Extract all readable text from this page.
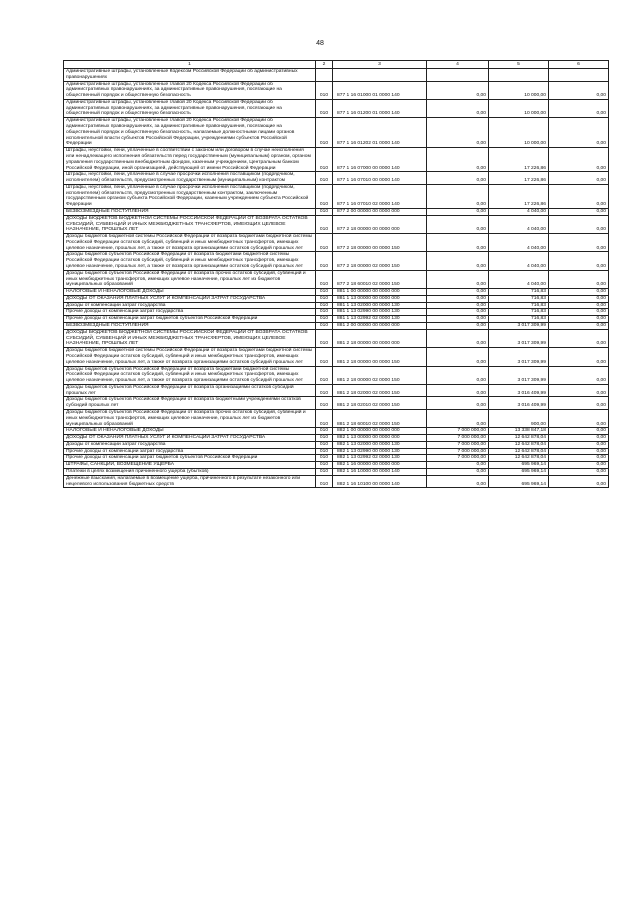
48
1	2	3	4	5	6
Административные штрафы, установленные Кодексом Российской Федерации об административных правонарушениях					
Административные штрафы, установленные главой 20 Кодекса Российской Федерации об административных правонарушениях, за административные правонарушения, посягающие на общественный порядок и общественную безопасность	010	877 1 16 01000 01 0000 140	0,00	10 000,00	0,00
Административные штрафы, установленные главой 20 Кодекса Российской Федерации об административных правонарушениях, за административные правонарушения, посягающие на общественный порядок и общественную безопасность	010	877 1 16 01200 01 0000 140	0,00	10 000,00	0,00
Административные штрафы, установленные главой 20 Кодекса Российской Федерации об административных правонарушениях, за административные правонарушения, посягающие на общественный порядок и общественную безопасность, налагаемые должностными лицами органов исполнительной власти субъектов Российской Федерации, учреждениями субъектов Российской Федерации	010	877 1 16 01202 01 0000 140	0,00	10 000,00	0,00
Штрафы, неустойки, пени, уплаченные в соответствии с законом или договором в случае неисполнения или ненадлежащего исполнения обязательств перед государственным (муниципальным) органом, органом управления государственным внебюджетным фондом, казенным учреждением, Центральным банком Российской Федерации, иной организацией, действующей от имени Российской Федерации	010	877 1 16 07000 00 0000 140	0,00	17 226,86	0,00
Штрафы, неустойки, пени, уплаченные в случае просрочки исполнения поставщиком (подрядчиком, исполнителем) обязательств, предусмотренных государственным (муниципальным) контрактом	010	877 1 16 07010 00 0000 140	0,00	17 226,86	0,00
Штрафы, неустойки, пени, уплаченные в случае просрочки исполнения поставщиком (подрядчиком, исполнителем) обязательств, предусмотренных государственным контрактом, заключенным государственным органом субъекта Российской Федерации, казенным учреждением субъекта Российской Федерации	010	877 1 16 07010 02 0000 140	0,00	17 226,86	0,00
БЕЗВОЗМЕЗДНЫЕ ПОСТУПЛЕНИЯ	010	877 2 00 00000 00 0000 000	0,00	4 040,00	0,00
ДОХОДЫ БЮДЖЕТОВ БЮДЖЕТНОЙ СИСТЕМЫ РОССИЙСКОЙ ФЕДЕРАЦИИ ОТ ВОЗВРАТА ОСТАТКОВ СУБСИДИЙ, СУБВЕНЦИЙ И ИНЫХ МЕЖБЮДЖЕТНЫХ ТРАНСФЕРТОВ, ИМЕЮЩИХ ЦЕЛЕВОЕ НАЗНАЧЕНИЕ, ПРОШЛЫХ ЛЕТ	010	877 2 18 00000 00 0000 000	0,00	4 040,00	0,00
Доходы бюджетов бюджетной системы Российской Федерации от возврата бюджетами бюджетной системы Российской Федерации остатков субсидий, субвенций и иных межбюджетных трансфертов, имеющих целевое назначение, прошлых лет, а также от возврата организациями остатков субсидий прошлых лет	010	877 2 18 00000 00 0000 150	0,00	4 040,00	0,00
Доходы бюджетов субъектов Российской Федерации от возврата бюджетами бюджетной системы Российской Федерации остатков субсидий, субвенций и иных межбюджетных трансфертов, имеющих целевое назначение, прошлых лет, а также от возврата организациями остатков субсидий прошлых лет	010	877 2 18 00000 02 0000 150	0,00	4 040,00	0,00
Доходы бюджетов субъектов Российской Федерации от возврата прочих остатков субсидий, субвенций и иных межбюджетных трансфертов, имеющих целевое назначение, прошлых лет из бюджетов муниципальных образований	010	877 2 18 60010 02 0000 150	0,00	4 040,00	0,00
НАЛОГОВЫЕ И НЕНАЛОГОВЫЕ ДОХОДЫ	010	881 1 00 00000 00 0000 000	0,00	716,83	0,00
ДОХОДЫ ОТ ОКАЗАНИЯ ПЛАТНЫХ УСЛУГ И КОМПЕНСАЦИИ ЗАТРАТ ГОСУДАРСТВА	010	881 1 13 00000 00 0000 000	0,00	716,83	0,00
Доходы от компенсации затрат государства	010	881 1 13 02000 00 0000 130	0,00	716,83	0,00
Прочие доходы от компенсации затрат государства	010	881 1 13 02990 00 0000 130	0,00	716,83	0,00
Прочие доходы от компенсации затрат бюджетов субъектов Российской Федерации	010	881 1 13 02992 02 0000 130	0,00	716,83	0,00
БЕЗВОЗМЕЗДНЫЕ ПОСТУПЛЕНИЯ	010	881 2 00 00000 00 0000 000	0,00	3 017 309,99	0,00
ДОХОДЫ БЮДЖЕТОВ БЮДЖЕТНОЙ СИСТЕМЫ РОССИЙСКОЙ ФЕДЕРАЦИИ ОТ ВОЗВРАТА ОСТАТКОВ СУБСИДИЙ, СУБВЕНЦИЙ И ИНЫХ МЕЖБЮДЖЕТНЫХ ТРАНСФЕРТОВ, ИМЕЮЩИХ ЦЕЛЕВОЕ НАЗНАЧЕНИЕ, ПРОШЛЫХ ЛЕТ	010	881 2 18 00000 00 0000 000	0,00	3 017 309,99	0,00
Доходы бюджетов бюджетной системы Российской Федерации от возврата бюджетами бюджетной системы Российской Федерации остатков субсидий, субвенций и иных межбюджетных трансфертов, имеющих целевое назначение, прошлых лет, а также от возврата организациями остатков субсидий прошлых лет	010	881 2 18 00000 00 0000 150	0,00	3 017 309,99	0,00
Доходы бюджетов субъектов Российской Федерации от возврата бюджетами бюджетной системы Российской Федерации остатков субсидий, субвенций и иных межбюджетных трансфертов, имеющих целевое назначение, прошлых лет, а также от возврата организациями остатков субсидий прошлых лет	010	881 2 18 00000 02 0000 150	0,00	3 017 309,99	0,00
Доходы бюджетов субъектов Российской Федерации от возврата организациями остатков субсидий прошлых лет	010	881 2 18 02000 02 0000 150	0,00	3 016 409,99	0,00
Доходы бюджетов субъектов Российской Федерации от возврата бюджетными учреждениями остатков субсидий прошлых лет	010	881 2 18 02010 02 0000 150	0,00	3 016 409,99	0,00
Доходы бюджетов субъектов Российской Федерации от возврата прочих остатков субсидий, субвенций и иных межбюджетных трансфертов, имеющих целевое назначение, прошлых лет из бюджетов муниципальных образований	010	881 2 18 60010 02 0000 150	0,00	900,00	0,00
НАЛОГОВЫЕ И НЕНАЛОГОВЫЕ ДОХОДЫ	010	882 1 00 00000 00 0000 000	7 000 000,00	13 338 847,18	0,00
ДОХОДЫ ОТ ОКАЗАНИЯ ПЛАТНЫХ УСЛУГ И КОМПЕНСАЦИИ ЗАТРАТ ГОСУДАРСТВА	010	882 1 13 00000 00 0000 000	7 000 000,00	12 642 878,04	0,00
Доходы от компенсации затрат государства	010	882 1 13 02000 00 0000 130	7 000 000,00	12 642 878,04	0,00
Прочие доходы от компенсации затрат государства	010	882 1 13 02990 00 0000 130	7 000 000,00	12 642 878,04	0,00
Прочие доходы от компенсации затрат бюджетов субъектов Российской Федерации	010	882 1 13 02992 02 0000 130	7 000 000,00	12 642 878,04	0,00
ШТРАФЫ, САНКЦИИ, ВОЗМЕЩЕНИЕ УЩЕРБА	010	882 1 16 00000 00 0000 000	0,00	695 969,14	0,00
Платежи в целях возмещения причиненного ущерба (убытков)	010	882 1 16 10000 00 0000 140	0,00	695 969,14	0,00
Денежные взыскания, налагаемые в возмещение ущерба, причиненного в результате незаконного или нецелевого использования бюджетных средств	010	882 1 16 10100 00 0000 140	0,00	695 969,14	0,00
